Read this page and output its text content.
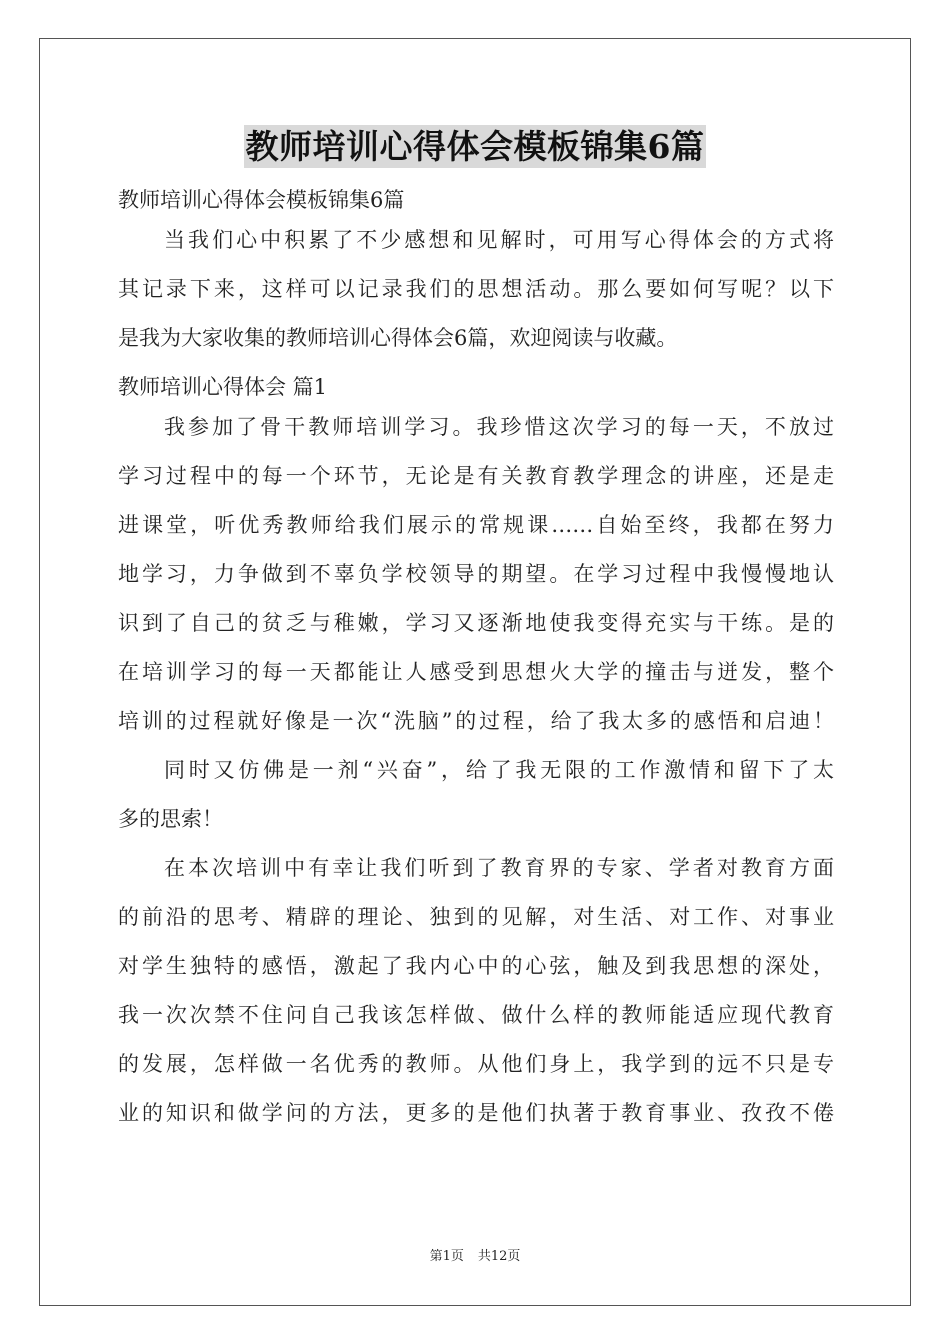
教师培训心得体会模板锦集6篇
教师培训心得体会模板锦集6篇
当我们心中积累了不少感想和见解时，可用写心得体会的方式将
其记录下来，这样可以记录我们的思想活动。那么要如何写呢？以下
是我为大家收集的教师培训心得体会6篇，欢迎阅读与收藏。
教师培训心得体会 篇1
我参加了骨干教师培训学习。我珍惜这次学习的每一天，不放过
学习过程中的每一个环节，无论是有关教育教学理念的讲座，还是走
进课堂，听优秀教师给我们展示的常规课……自始至终，我都在努力
地学习，力争做到不辜负学校领导的期望。在学习过程中我慢慢地认
识到了自己的贫乏与稚嫩，学习又逐渐地使我变得充实与干练。是的
在培训学习的每一天都能让人感受到思想火大学的撞击与迸发，整个
培训的过程就好像是一次“洗脑”的过程，给了我太多的感悟和启迪！
同时又仿佛是一剂“兴奋”，给了我无限的工作激情和留下了太
多的思索！
在本次培训中有幸让我们听到了教育界的专家、学者对教育方面
的前沿的思考、精辟的理论、独到的见解，对生活、对工作、对事业
对学生独特的感悟，激起了我内心中的心弦，触及到我思想的深处，
我一次次禁不住问自己我该怎样做、做什么样的教师能适应现代教育
的发展，怎样做一名优秀的教师。从他们身上，我学到的远不只是专
业的知识和做学问的方法，更多的是他们执著于教育事业、孜孜不倦
第1页 共12页
